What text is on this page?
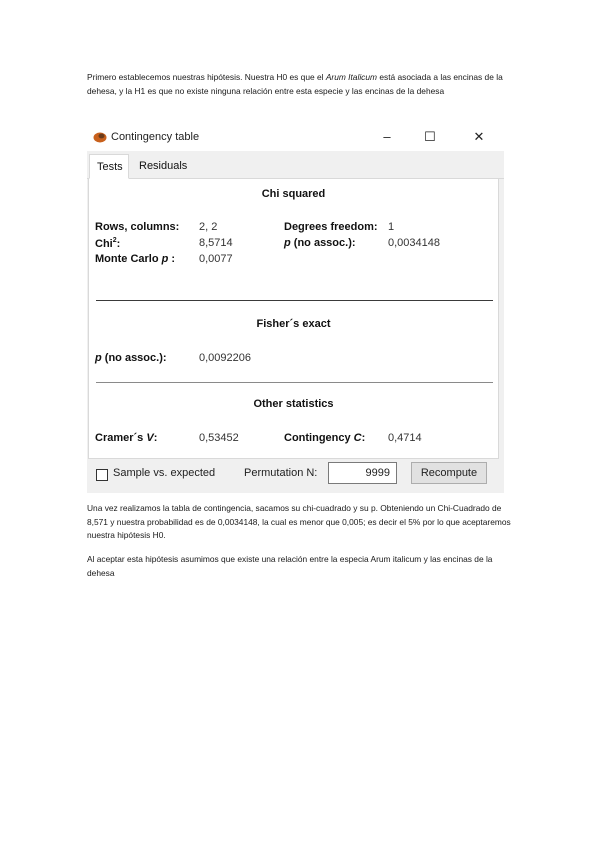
Primero establecemos nuestras hipótesis. Nuestra H0 es que el Arum Italicum está asociada a las encinas de la dehesa, y la H1 es que no existe ninguna relación entre esta especie y las encinas de la dehesa

Contingency table	–	☐	✕
Tests	Residuals
Chi squared
Rows, columns: 2, 2	Degrees freedom: 1
Chi$^2$:	8,5714	p (no assoc.):	0,0034148
Monte Carlo p : 0,0077
Fisher´s exact
p (no assoc.):	0,0092206
Other statistics
Cramer´s V:	0,53452	Contingency C: 0,4714
Sample vs. expected	Permutation N:	9999	Recompute

Una vez realizamos la tabla de contingencia, sacamos su chi-cuadrado y su p. Obteniendo un Chi-Cuadrado de 8,571 y nuestra probabilidad es de 0,0034148, la cual es menor que 0,005; es decir el 5% por lo que aceptaremos nuestra hipótesis H0.

Al aceptar esta hipótesis asumimos que existe una relación entre la especia Arum italicum y las encinas de la dehesa
